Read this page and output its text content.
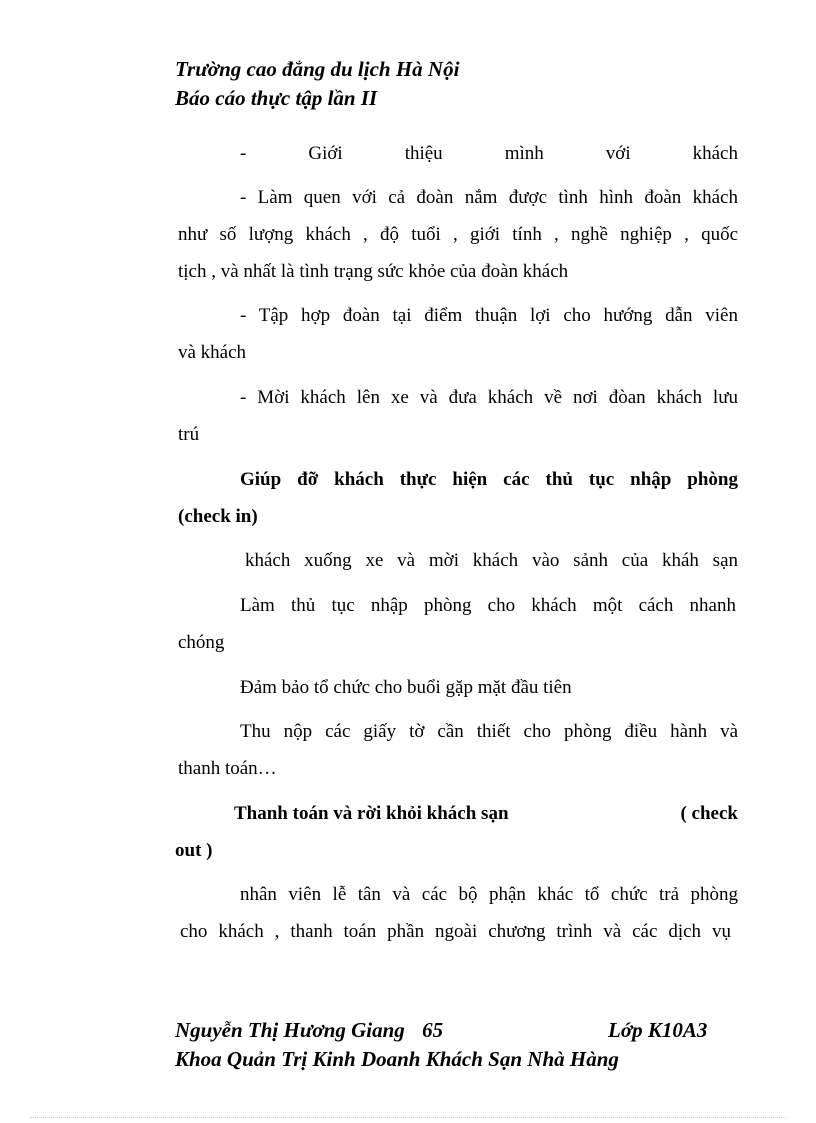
Trường cao đẳng du lịch Hà Nội
Báo cáo thực tập lần II
- Giới thiệu mình với khách
- Làm quen với cả đoàn nắm được tình hình đoàn khách
như số lượng khách , độ tuổi , giới tính , nghề nghiệp , quốc
tịch , và nhất là tình trạng sức khỏe của đoàn khách
- Tập hợp đoàn tại điểm thuận lợi cho hướng dẫn viên
và khách
- Mời khách lên xe và đưa khách về nơi đòan khách lưu
trú
Giúp đỡ khách thực hiện các thủ tục nhập phòng
(check in)
khách xuống xe và mời khách vào sảnh của kháh sạn
Làm thủ tục nhập phòng cho khách một cách nhanh
chóng
Đảm bảo tổ chức cho buổi gặp mặt đầu tiên
Thu nộp các giấy tờ cần thiết cho phòng điều hành và
thanh toán…
Thanh toán và rời khỏi khách sạn	( check
out )
nhân viên lễ tân và các bộ phận khác tổ chức trả phòng
cho khách , thanh toán phần ngoài chương trình và các dịch vụ
Nguyễn Thị Hương Giang 65	Lớp K10A3
Khoa Quản Trị Kinh Doanh Khách Sạn Nhà Hàng
